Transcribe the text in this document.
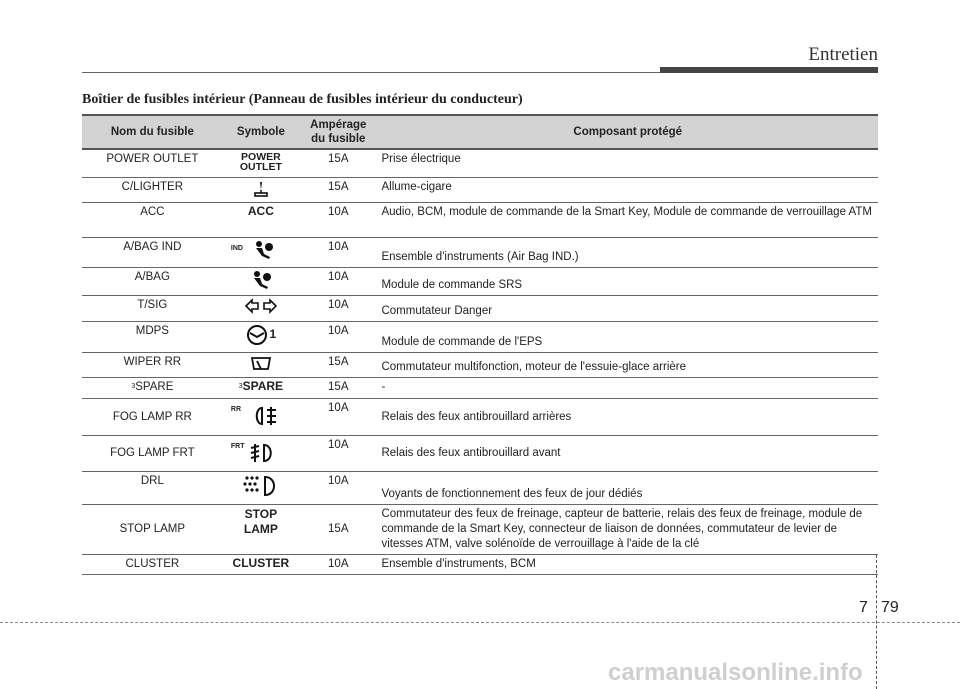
Entretien
Boîtier de fusibles intérieur (Panneau de fusibles intérieur du conducteur)
Nom du fusible	Symbole	Ampérage du fusible	Composant protégé
POWER OUTLET	POWER OUTLET	15A	Prise électrique
C/LIGHTER		15A	Allume-cigare
ACC	ACC	10A	Audio, BCM, module de commande de la Smart Key, Module de commande de verrouillage ATM
A/BAG IND	IND	10A	Ensemble d'instruments (Air Bag IND.)
A/BAG		10A	Module de commande SRS
T/SIG		10A	Commutateur Danger
MDPS	1	10A	Module de commande de l'EPS
WIPER RR		15A	Commutateur multifonction, moteur de l'essuie-glace arrière
$^3$SPARE	$^3$SPARE	15A	-
FOG LAMP RR	RR	10A	Relais des feux antibrouillard arrières
FOG LAMP FRT	FRT	10A	Relais des feux antibrouillard avant
DRL		10A	Voyants de fonctionnement des feux de jour dédiés
STOP LAMP	STOP LAMP	15A	Commutateur des feux de freinage, capteur de batterie, relais des feux de freinage, module de commande de la Smart Key, connecteur de liaison de données, commutateur de levier de vitesses ATM, valve solénoïde de verrouillage à l'aide de la clé
CLUSTER	CLUSTER	10A	Ensemble d'instruments, BCM
7 79
carmanualsonline.info
